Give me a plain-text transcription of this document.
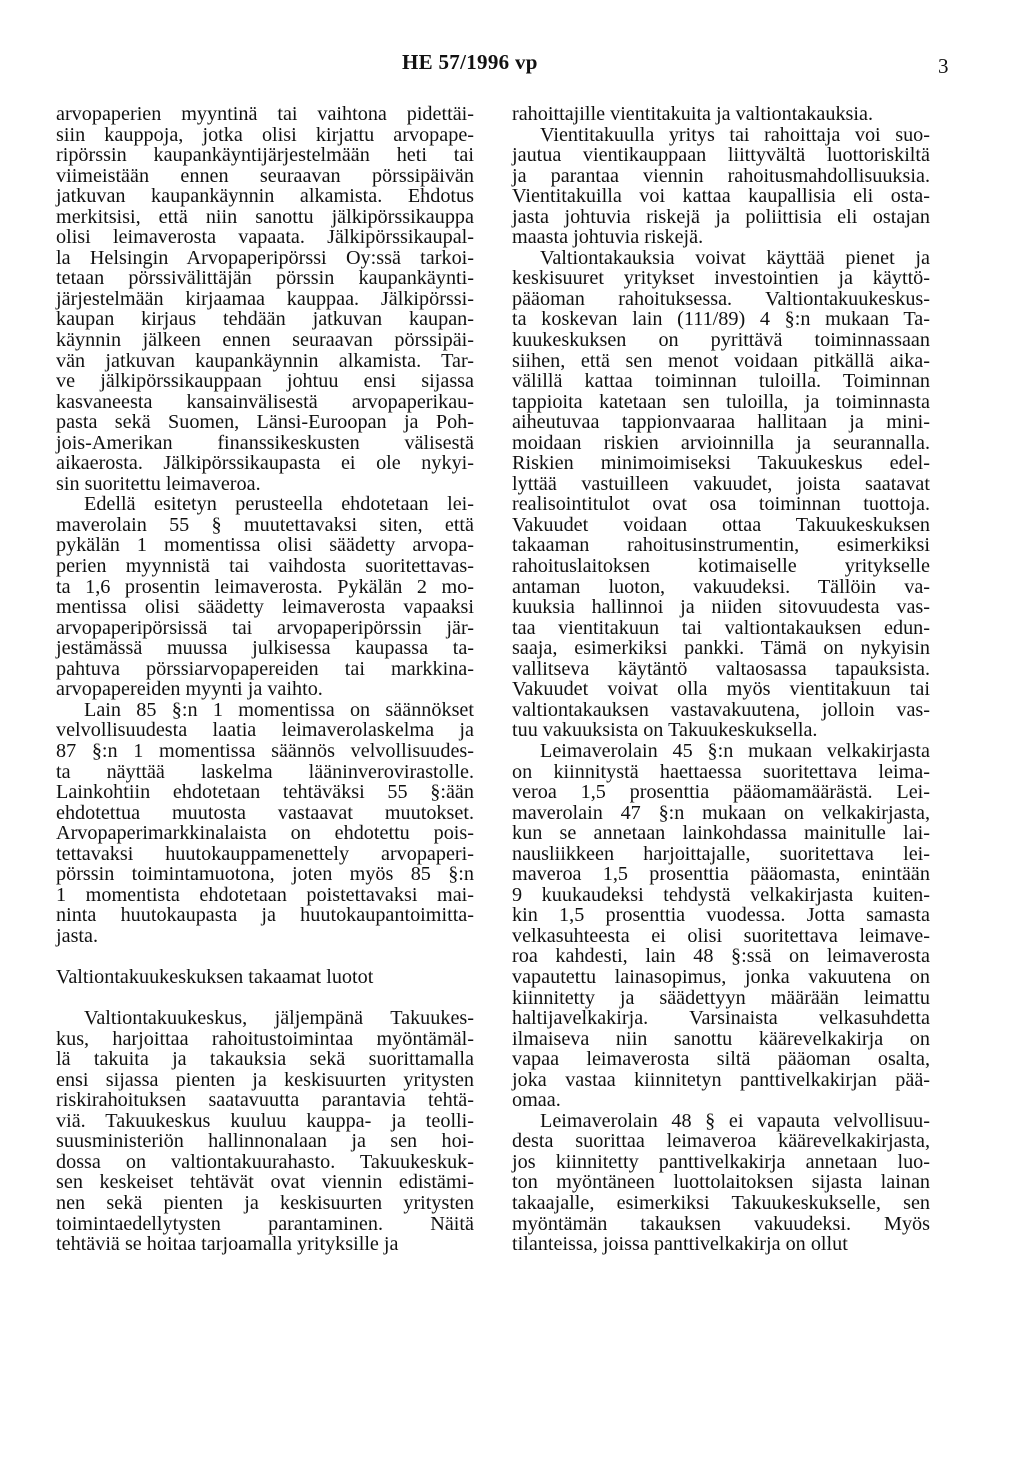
HE 57/1996 vp	3
arvopaperien myyntinä tai vaihtona pidettäi-
siin kauppoja, jotka olisi kirjattu arvopape-
ripörssin kaupankäyntijärjestelmään heti tai
viimeistään ennen seuraavan pörssipäivän
jatkuvan kaupankäynnin alkamista. Ehdotus
merkitsisi, että niin sanottu jälkipörssikauppa
olisi leimaverosta vapaata. Jälkipörssikaupal-
la Helsingin Arvopaperipörssi Oy:ssä tarkoi-
tetaan pörssivälittäjän pörssin kaupankäynti-
järjestelmään kirjaamaa kauppaa. Jälkipörssi-
kaupan kirjaus tehdään jatkuvan kaupan-
käynnin jälkeen ennen seuraavan pörssipäi-
vän jatkuvan kaupankäynnin alkamista. Tar-
ve jälkipörssikauppaan johtuu ensi sijassa
kasvaneesta kansainvälisestä arvopaperikau-
pasta sekä Suomen, Länsi-Euroopan ja Poh-
jois-Amerikan finanssikeskusten välisestä
aikaerosta. Jälkipörssikaupasta ei ole nykyi-
sin suoritettu leimaveroa.
Edellä esitetyn perusteella ehdotetaan lei-
maverolain 55 § muutettavaksi siten, että
pykälän 1 momentissa olisi säädetty arvopa-
perien myynnistä tai vaihdosta suoritettavas-
ta 1,6 prosentin leimaverosta. Pykälän 2 mo-
mentissa olisi säädetty leimaverosta vapaaksi
arvopaperipörsissä tai arvopaperipörssin jär-
jestämässä muussa julkisessa kaupassa ta-
pahtuva pörssiarvopapereiden tai markkina-
arvopapereiden myynti ja vaihto.
Lain 85 §:n 1 momentissa on säännökset
velvollisuudesta laatia leimaverolaskelma ja
87 §:n 1 momentissa säännös velvollisuudes-
ta näyttää laskelma lääninverovirastolle.
Lainkohtiin ehdotetaan tehtäväksi 55 §:ään
ehdotettua muutosta vastaavat muutokset.
Arvopaperimarkkinalaista on ehdotettu pois-
tettavaksi huutokauppamenettely arvopaperi-
pörssin toimintamuotona, joten myös 85 §:n
1 momentista ehdotetaan poistettavaksi mai-
ninta huutokaupasta ja huutokaupantoimitta-
jasta.
Valtiontakuukeskuksen takaamat luotot
Valtiontakuukeskus, jäljempänä Takuukes-
kus, harjoittaa rahoitustoimintaa myöntämäl-
lä takuita ja takauksia sekä suorittamalla
ensi sijassa pienten ja keskisuurten yritysten
riskirahoituksen saatavuutta parantavia tehtä-
viä. Takuukeskus kuuluu kauppa- ja teolli-
suusministeriön hallinnonalaan ja sen hoi-
dossa on valtiontakuurahasto. Takuukeskuk-
sen keskeiset tehtävät ovat viennin edistämi-
nen sekä pienten ja keskisuurten yritysten
toimintaedellytysten parantaminen. Näitä
tehtäviä se hoitaa tarjoamalla yrityksille ja
rahoittajille vientitakuita ja valtiontakauksia.
Vientitakuulla yritys tai rahoittaja voi suo-
jautua vientikauppaan liittyvältä luottoriskiltä
ja parantaa viennin rahoitusmahdollisuuksia.
Vientitakuilla voi kattaa kaupallisia eli osta-
jasta johtuvia riskejä ja poliittisia eli ostajan
maasta johtuvia riskejä.
Valtiontakauksia voivat käyttää pienet ja
keskisuuret yritykset investointien ja käyttö-
pääoman rahoituksessa. Valtiontakuukeskus-
ta koskevan lain (111/89) 4 §:n mukaan Ta-
kuukeskuksen on pyrittävä toiminnassaan
siihen, että sen menot voidaan pitkällä aika-
välillä kattaa toiminnan tuloilla. Toiminnan
tappioita katetaan sen tuloilla, ja toiminnasta
aiheutuvaa tappionvaaraa hallitaan ja mini-
moidaan riskien arvioinnilla ja seurannalla.
Riskien minimoimiseksi Takuukeskus edel-
lyttää vastuilleen vakuudet, joista saatavat
realisointitulot ovat osa toiminnan tuottoja.
Vakuudet voidaan ottaa Takuukeskuksen
takaaman rahoitusinstrumentin, esimerkiksi
rahoituslaitoksen kotimaiselle yritykselle
antaman luoton, vakuudeksi. Tällöin va-
kuuksia hallinnoi ja niiden sitovuudesta vas-
taa vientitakuun tai valtiontakauksen edun-
saaja, esimerkiksi pankki. Tämä on nykyisin
vallitseva käytäntö valtaosassa tapauksista.
Vakuudet voivat olla myös vientitakuun tai
valtiontakauksen vastavakuutena, jolloin vas-
tuu vakuuksista on Takuukeskuksella.
Leimaverolain 45 §:n mukaan velkakirjasta
on kiinnitystä haettaessa suoritettava leima-
veroa 1,5 prosenttia pääomamäärästä. Lei-
maverolain 47 §:n mukaan on velkakirjasta,
kun se annetaan lainkohdassa mainitulle lai-
nausliikkeen harjoittajalle, suoritettava lei-
maveroa 1,5 prosenttia pääomasta, enintään
9 kuukaudeksi tehdystä velkakirjasta kuiten-
kin 1,5 prosenttia vuodessa. Jotta samasta
velkasuhteesta ei olisi suoritettava leimave-
roa kahdesti, lain 48 §:ssä on leimaverosta
vapautettu lainasopimus, jonka vakuutena on
kiinnitetty ja säädettyyn määrään leimattu
haltijavelkakirja. Varsinaista velkasuhdetta
ilmaiseva niin sanottu käärevelkakirja on
vapaa leimaverosta siltä pääoman osalta,
joka vastaa kiinnitetyn panttivelkakirjan pää-
omaa.
Leimaverolain 48 § ei vapauta velvollisuu-
desta suorittaa leimaveroa käärevelkakirjasta,
jos kiinnitetty panttivelkakirja annetaan luo-
ton myöntäneen luottolaitoksen sijasta lainan
takaajalle, esimerkiksi Takuukeskukselle, sen
myöntämän takauksen vakuudeksi. Myös
tilanteissa, joissa panttivelkakirja on ollut
